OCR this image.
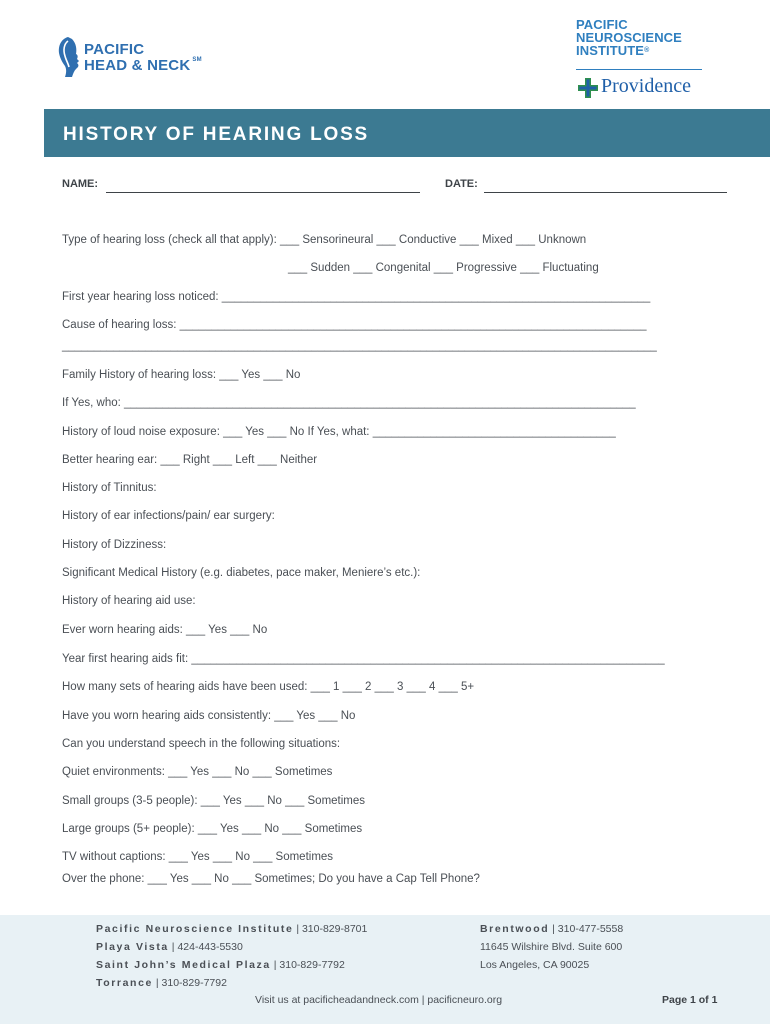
PACIFIC
HEAD & NECK ℠
PACIFIC
NEUROSCIENCE
INSTITUTE®
Providence
HISTORY OF HEARING LOSS
NAME:	DATE:
Type of hearing loss (check all that apply): ___ Sensorineural ___ Conductive ___ Mixed ___ Unknown
___ Sudden ___ Congenital ___ Progressive ___ Fluctuating
First year hearing loss noticed: ___________________________________________________________________
Cause of hearing loss: _________________________________________________________________________
_____________________________________________________________________________________________
Family History of hearing loss: ___ Yes ___ No
If Yes, who: ________________________________________________________________________________
History of loud noise exposure: ___ Yes ___ No If Yes, what: ______________________________________
Better hearing ear: ___ Right ___ Left ___ Neither
History of Tinnitus:
History of ear infections/pain/ ear surgery:
History of Dizziness:
Significant Medical History (e.g. diabetes, pace maker, Meniere’s etc.):
History of hearing aid use:
Ever worn hearing aids: ___ Yes ___ No
Year first hearing aids fit: __________________________________________________________________________
How many sets of hearing aids have been used: ___ 1 ___ 2 ___ 3 ___ 4 ___ 5+
Have you worn hearing aids consistently: ___ Yes ___ No
Can you understand speech in the following situations:
Quiet environments: ___ Yes ___ No ___ Sometimes
Small groups (3-5 people): ___ Yes ___ No ___ Sometimes
Large groups (5+ people): ___ Yes ___ No ___ Sometimes
TV without captions: ___ Yes ___ No ___ Sometimes
Over the phone: ___ Yes ___ No ___ Sometimes; Do you have a Cap Tell Phone?
Pacific Neuroscience Institute | 310-829-8701
Playa Vista | 424-443-5530
Saint John’s Medical Plaza | 310-829-7792
Torrance | 310-829-7792
Brentwood | 310-477-5558
11645 Wilshire Blvd. Suite 600
Los Angeles, CA 90025
Visit us at pacificheadandneck.com | pacificneuro.org	Page 1 of 1
